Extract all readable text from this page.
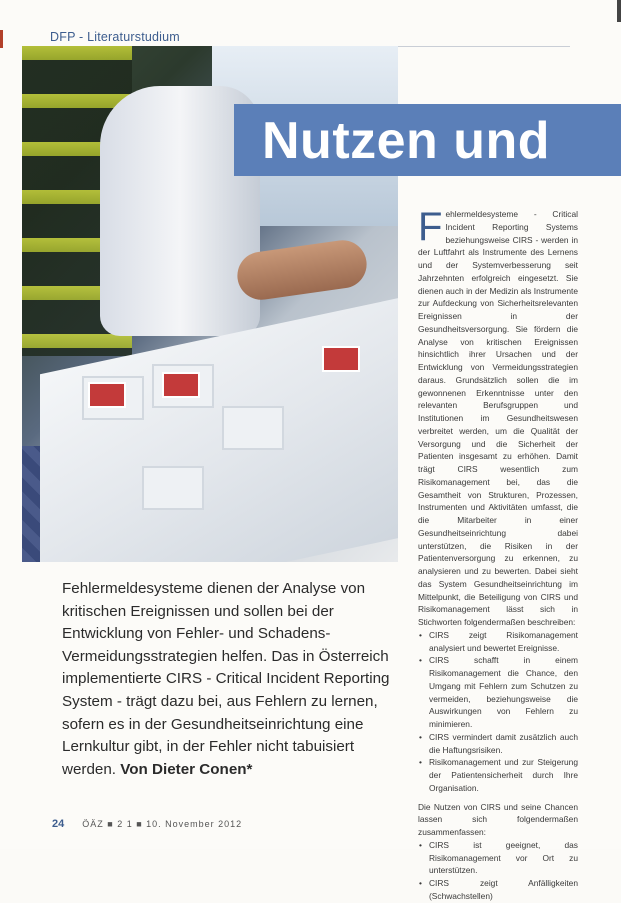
DFP - Literaturstudium
Nutzen und
Fehlermeldesysteme - Critical Incident Reporting Systems beziehungsweise CIRS - werden in der Luftfahrt als Instrumente des Lernens und der Systemverbesserung seit Jahrzehnten erfolgreich eingesetzt. Sie dienen auch in der Medizin als Instrumente zur Aufdeckung von Sicherheitsrelevanten Ereignissen in der Gesundheitsversorgung. Sie fördern die Analyse von kritischen Ereignissen hinsichtlich ihrer Ursachen und der Entwicklung von Vermeidungsstrategien daraus. Grundsätzlich sollen die im gewonnenen Erkenntnisse unter den relevanten Berufsgruppen und Institutionen im Gesundheitswesen verbreitet werden, um die Qualität der Versorgung und die Sicherheit der Patienten insgesamt zu erhöhen. Damit trägt CIRS wesentlich zum Risikomanagement bei, das die Gesamtheit von Strukturen, Prozessen, Instrumenten und Aktivitäten umfasst, die die Mitarbeiter in einer Gesundheitseinrichtung dabei unterstützen, die Risiken in der Patientenversorgung zu erkennen, zu analysieren und zu bewerten. Dabei sieht das System Gesundheitseinrichtung im Mittelpunkt, die Beteiligung von CIRS und Risikomanagement lässt sich in Stichworten folgendermaßen beschreiben:
• CIRS zeigt Risikomanagement analysiert und bewertet Ereignisse.
• CIRS schafft in einem Risikomanagement die Chance, den Umgang mit Fehlern zum Schutzen zu vermeiden, beziehungsweise die Auswirkungen von Fehlern zu minimieren.
• CIRS vermindert damit zusätzlich auch die Haftungsrisiken.
• Risikomanagement und zur Steigerung der Patientensicherheit durch Ihre Organisation.
Die Nutzen von CIRS und seine Chancen lassen sich folgendermaßen zusammenfassen:
• CIRS ist geeignet, das Risikomanagement vor Ort zu unterstützen.
• CIRS zeigt Anfälligkeiten (Schwachstellen)
Fehlermeldesysteme dienen der Analyse von kritischen Ereignissen und sollen bei der Entwicklung von Fehler- und Schadens-Vermeidungsstrategien helfen. Das in Österreich implementierte CIRS - Critical Incident Reporting System - trägt dazu bei, aus Fehlern zu lernen, sofern es in der Gesundheitseinrichtung eine Lernkultur gibt, in der Fehler nicht tabuisiert werden. Von Dieter Conen*
24 ÖÄZ ■ 2 1 ■ 10. November 2012
